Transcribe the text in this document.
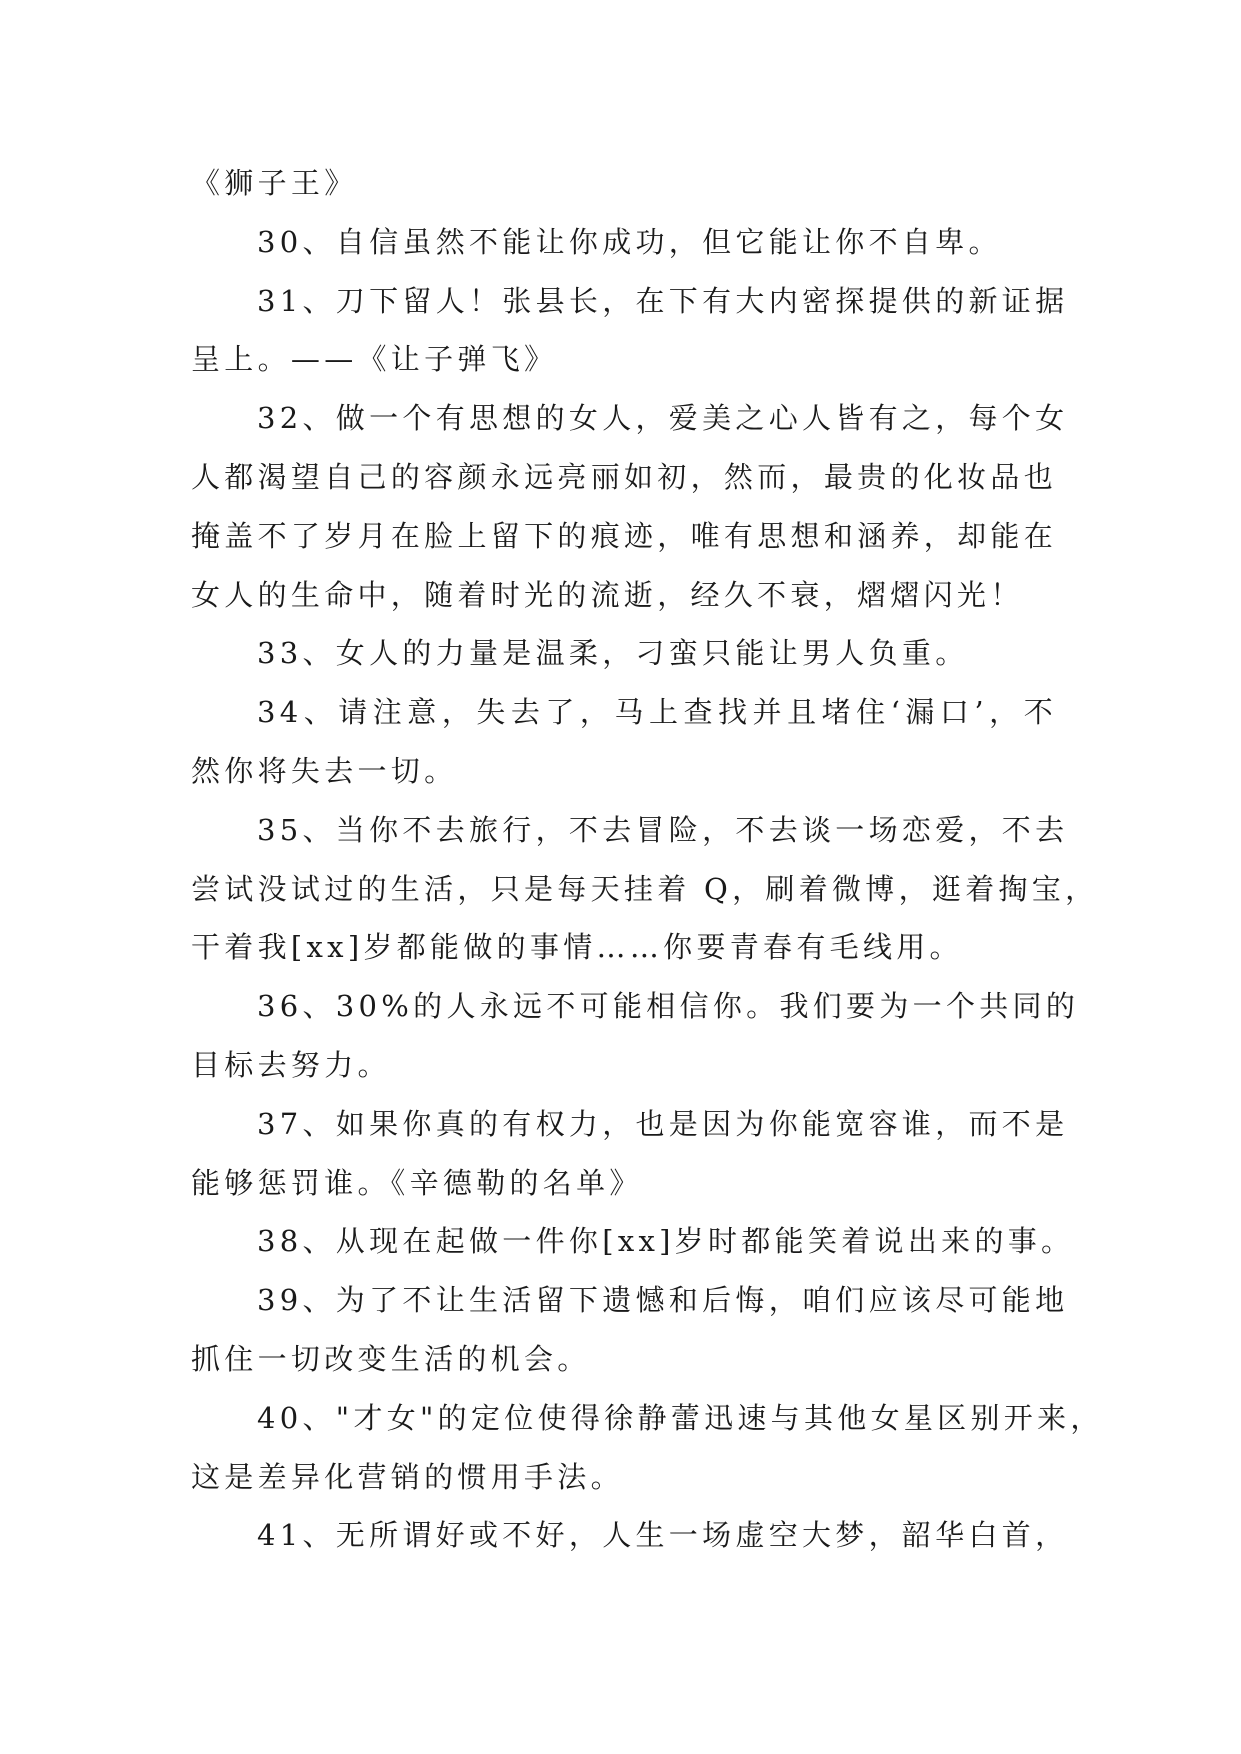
《狮子王》
30、自信虽然不能让你成功，但它能让你不自卑。
31、刀下留人！张县长，在下有大内密探提供的新证据
呈上。——《让子弹飞》
32、做一个有思想的女人，爱美之心人皆有之，每个女
人都渴望自己的容颜永远亮丽如初，然而，最贵的化妆品也
掩盖不了岁月在脸上留下的痕迹，唯有思想和涵养，却能在
女人的生命中，随着时光的流逝，经久不衰，熠熠闪光！
33、女人的力量是温柔，刁蛮只能让男人负重。
34、请注意，失去了，马上查找并且堵住‘漏口’，不
然你将失去一切。
35、当你不去旅行，不去冒险，不去谈一场恋爱，不去
尝试没试过的生活，只是每天挂着 Q，刷着微博，逛着掏宝，
干着我[xx]岁都能做的事情……你要青春有毛线用。
36、30%的人永远不可能相信你。我们要为一个共同的
目标去努力。
37、如果你真的有权力，也是因为你能宽容谁，而不是
能够惩罚谁。《辛德勒的名单》
38、从现在起做一件你[xx]岁时都能笑着说出来的事。
39、为了不让生活留下遗憾和后悔，咱们应该尽可能地
抓住一切改变生活的机会。
40、"才女"的定位使得徐静蕾迅速与其他女星区别开来，
这是差异化营销的惯用手法。
41、无所谓好或不好，人生一场虚空大梦，韶华白首，
